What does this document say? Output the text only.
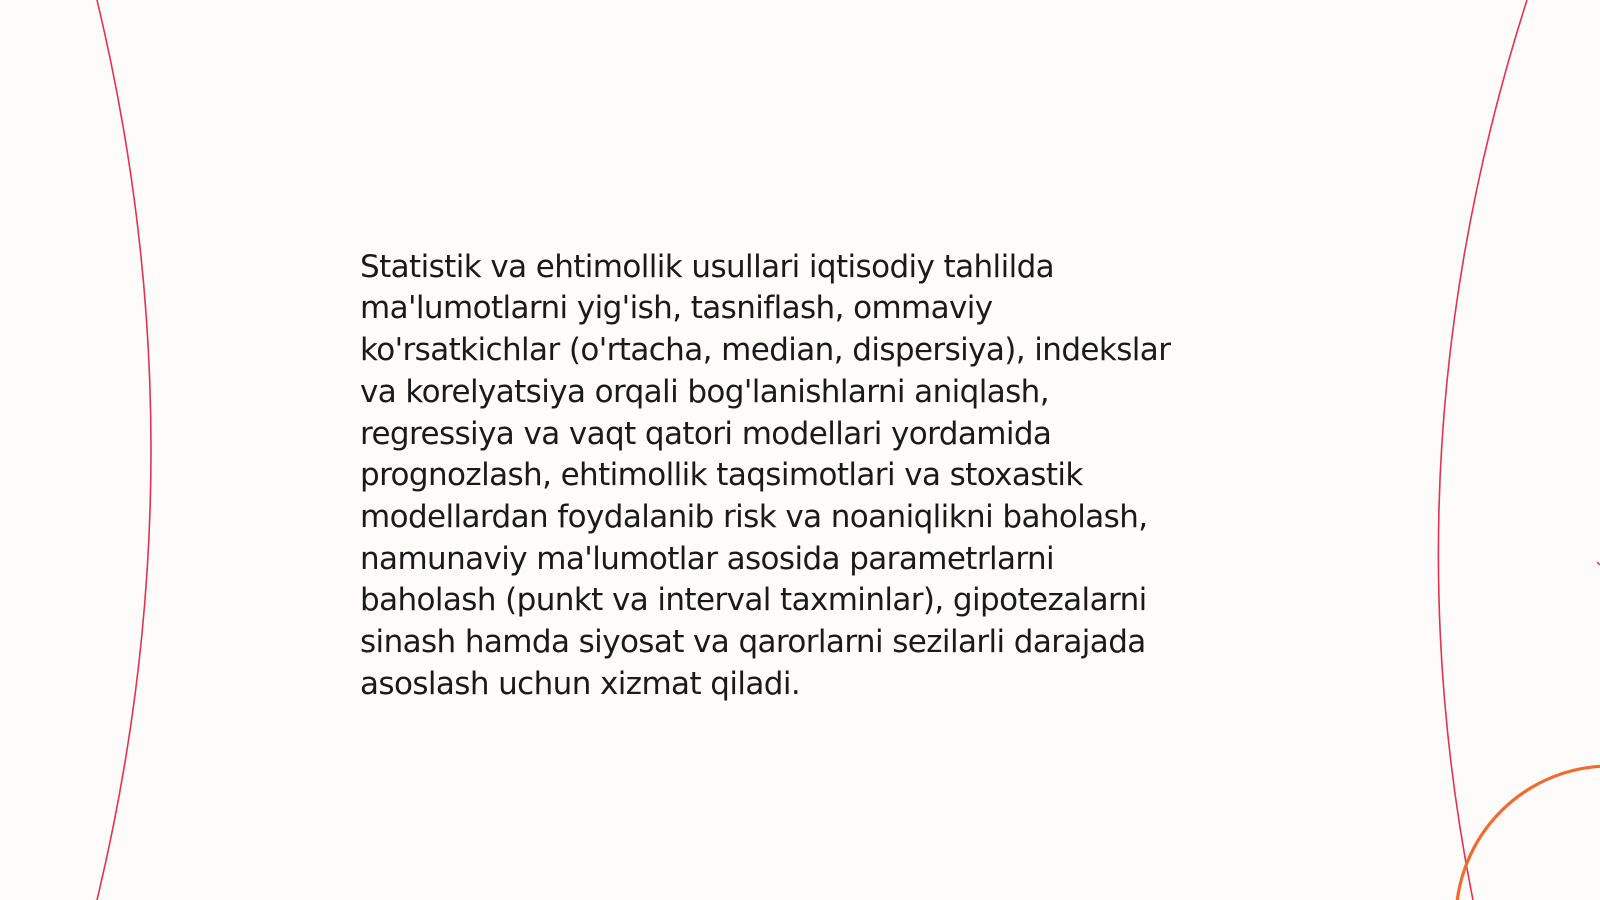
Statistik va ehtimollik usullari iqtisodiy tahlilda
ma'lumotlarni yig'ish, tasniflash, ommaviy
ko'rsatkichlar (o'rtacha, median, dispersiya), indekslar
va korelyatsiya orqali bog'lanishlarni aniqlash,
regressiya va vaqt qatori modellari yordamida
prognozlash, ehtimollik taqsimotlari va stoxastik
modellardan foydalanib risk va noaniqlikni baholash,
namunaviy ma'lumotlar asosida parametrlarni
baholash (punkt va interval taxminlar), gipotezalarni
sinash hamda siyosat va qarorlarni sezilarli darajada
asoslash uchun xizmat qiladi.
